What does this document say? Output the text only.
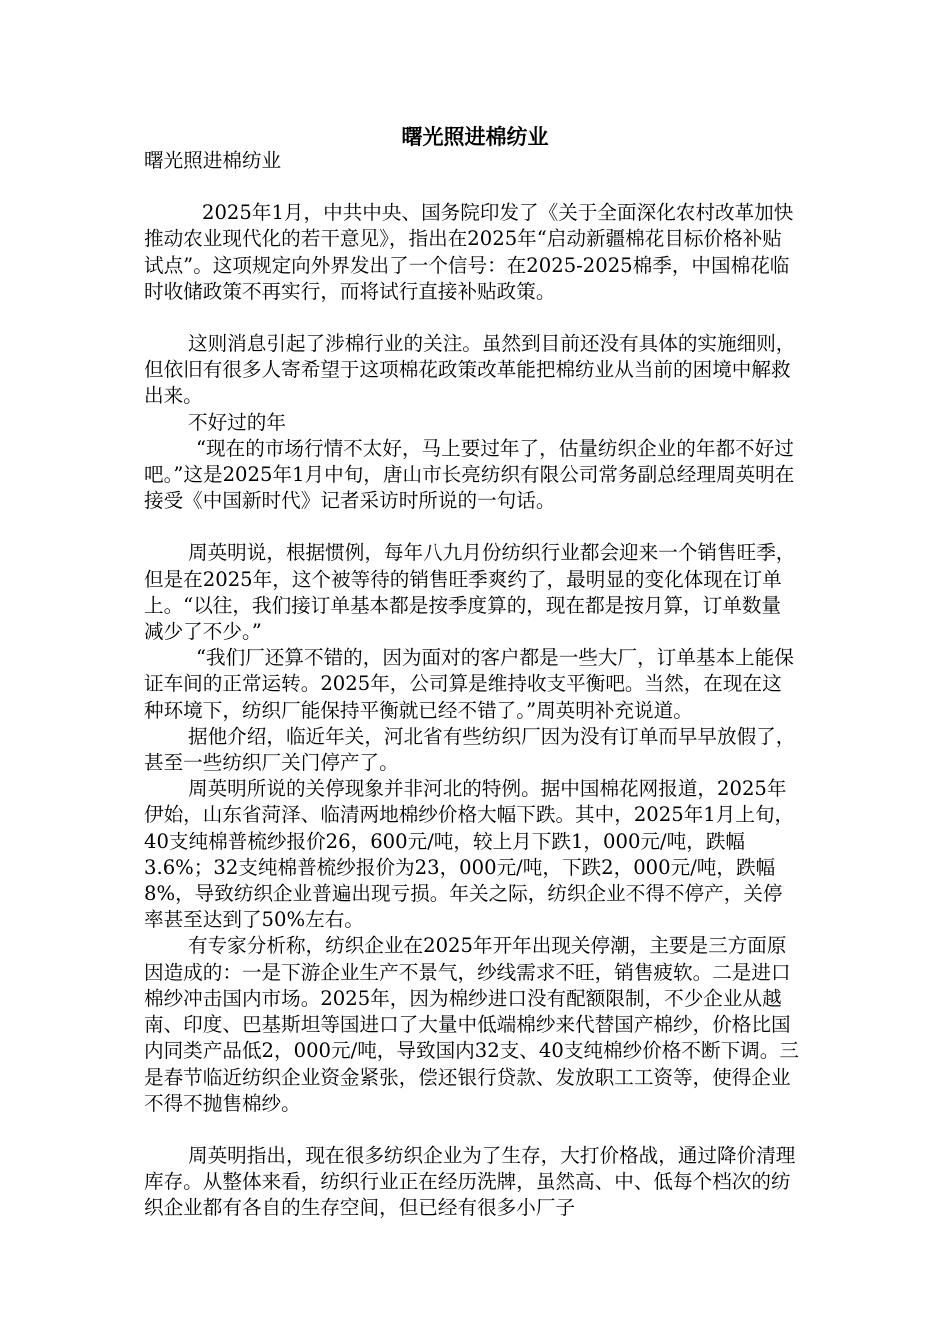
曙光照进棉纺业

曙光照进棉纺业

2025年1月，中共中央、国务院印发了《关于全面深化农村改革加快推动农业现代化的若干意见》，指出在2025年“启动新疆棉花目标价格补贴试点”。这项规定向外界发出了一个信号：在2025-2025棉季，中国棉花临时收储政策不再实行，而将试行直接补贴政策。

这则消息引起了涉棉行业的关注。虽然到目前还没有具体的实施细则，但依旧有很多人寄希望于这项棉花政策改革能把棉纺业从当前的困境中解救出来。

不好过的年

“现在的市场行情不太好，马上要过年了，估量纺织企业的年都不好过吧。”这是2025年1月中旬，唐山市长亮纺织有限公司常务副总经理周英明在接受《中国新时代》记者采访时所说的一句话。

周英明说，根据惯例，每年八九月份纺织行业都会迎来一个销售旺季，但是在2025年，这个被等待的销售旺季爽约了，最明显的变化体现在订单上。“以往，我们接订单基本都是按季度算的，现在都是按月算，订单数量减少了不少。”

“我们厂还算不错的，因为面对的客户都是一些大厂，订单基本上能保证车间的正常运转。2025年，公司算是维持收支平衡吧。当然，在现在这种环境下，纺织厂能保持平衡就已经不错了。”周英明补充说道。

据他介绍，临近年关，河北省有些纺织厂因为没有订单而早早放假了，甚至一些纺织厂关门停产了。

周英明所说的关停现象并非河北的特例。据中国棉花网报道，2025年伊始，山东省菏泽、临清两地棉纱价格大幅下跌。其中，2025年1月上旬，40支纯棉普梳纱报价26，600元/吨，较上月下跌1，000元/吨，跌幅3.6%；32支纯棉普梳纱报价为23，000元/吨，下跌2，000元/吨，跌幅8%，导致纺织企业普遍出现亏损。年关之际，纺织企业不得不停产，关停率甚至达到了50%左右。

有专家分析称，纺织企业在2025年开年出现关停潮，主要是三方面原因造成的：一是下游企业生产不景气，纱线需求不旺，销售疲软。二是进口棉纱冲击国内市场。2025年，因为棉纱进口没有配额限制，不少企业从越南、印度、巴基斯坦等国进口了大量中低端棉纱来代替国产棉纱，价格比国内同类产品低2，000元/吨，导致国内32支、40支纯棉纱价格不断下调。三是春节临近纺织企业资金紧张，偿还银行贷款、发放职工工资等，使得企业不得不抛售棉纱。

周英明指出，现在很多纺织企业为了生存，大打价格战，通过降价清理库存。从整体来看，纺织行业正在经历洗牌，虽然高、中、低每个档次的纺织企业都有各自的生存空间，但已经有很多小厂子
